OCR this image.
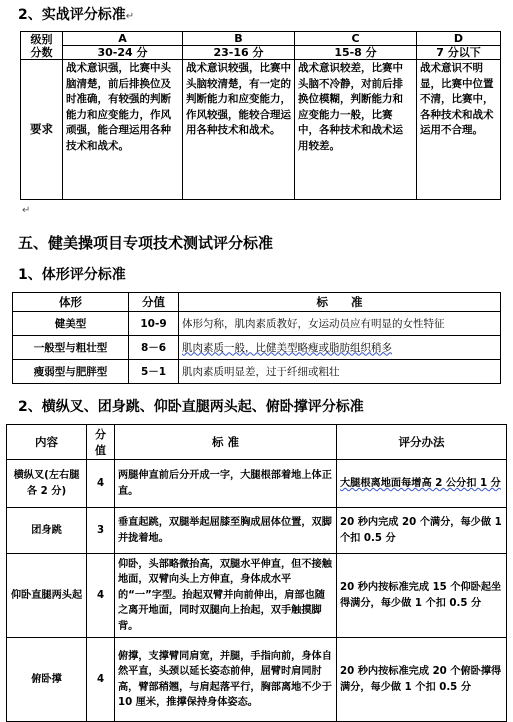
2、实战评分标准↵
级别
分数	A	B	C	D
	30-24 分	23-16 分	15-8 分	7 分以下
要求	战术意识强，比赛中头脑清楚，前后排换位及时准确，有较强的判断能力和应变能力，作风顽强，能合理运用各种技术和战术。	战术意识较强，比赛中头脑较清楚，有一定的判断能力和应变能力，作风较强，能较合理运用各种技术和战术。	战术意识较差，比赛中头脑不冷静，对前后排换位模糊，判断能力和应变能力一般，比赛中，各种技术和战术运用较差。	战术意识不明显，比赛中位置不清，比赛中，各种技术和战术运用不合理。
↵
五、健美操项目专项技术测试评分标准
1、体形评分标准
体形	分值	标　　准
健美型	10-9	体形匀称，肌肉素质教好，女运动员应有明显的女性特征
一般型与粗壮型	8－6	肌肉素质一般，比健美型略瘦或脂肪组织稍多
瘦弱型与肥胖型	5－1	肌肉素质明显差，过于纤细或粗壮
2、横纵叉、团身跳、仰卧直腿两头起、俯卧撑评分标准
内容	分值	标 准	评分办法
横纵叉(左右腿各 2 分)	4	两腿伸直前后分开成一字，大腿根部着地上体正直。	大腿根离地面每增高 2 公分扣 1 分
团身跳	3	垂直起跳，双腿举起屈膝至胸成屈体位置，双脚并拢着地。	20 秒内完成 20 个满分，每少做 1 个扣 0.5 分
仰卧直腿两头起	4	仰卧，头部略微抬高，双腿水平伸直，但不接触地面，双臂向头上方伸直，身体成水平的“一”字型。抬起双臂并向前伸出，肩部也随之离开地面，同时双腿向上抬起，双手触摸脚背。	20 秒内按标准完成 15 个仰卧起坐得满分，每少做 1 个扣 0.5 分
俯卧撑	4	俯撑，支撑臂同肩宽，并腿，手指向前，身体自然平直，头颈以延长姿态前伸，屈臂时肩同肘高，臂部稍翘，与肩起落平行，胸部离地不少于 10 厘米，推撑保持身体姿态。	20 秒内按标准完成 20 个俯卧撑得满分，每少做 1 个扣 0.5 分
